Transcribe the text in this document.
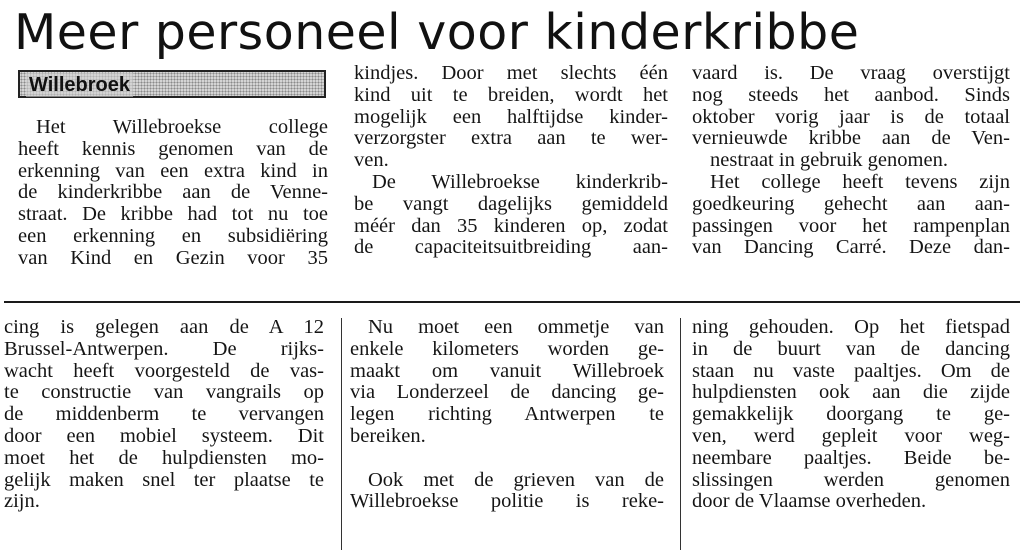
Meer personeel voor kinderkribbe
Willebroek
Het Willebroekse college
heeft kennis genomen van de
erkenning van een extra kind in
de kinderkribbe aan de Venne-
straat. De kribbe had tot nu toe
een erkenning en subsidiëring
van Kind en Gezin voor 35
kindjes. Door met slechts één
kind uit te breiden, wordt het
mogelijk een halftijdse kinder-
verzorgster extra aan te wer-
ven.
De Willebroekse kinderkrib-
be vangt dagelijks gemiddeld
méér dan 35 kinderen op, zodat
de capaciteitsuitbreiding aan-
vaard is. De vraag overstijgt
nog steeds het aanbod. Sinds
oktober vorig jaar is de totaal
vernieuwde kribbe aan de Ven-
nestraat in gebruik genomen.
Het college heeft tevens zijn
goedkeuring gehecht aan aan-
passingen voor het rampenplan
van Dancing Carré. Deze dan-
cing is gelegen aan de A 12
Brussel-Antwerpen. De rijks-
wacht heeft voorgesteld de vas-
te constructie van vangrails op
de middenberm te vervangen
door een mobiel systeem. Dit
moet het de hulpdiensten mo-
gelijk maken snel ter plaatse te
zijn.
Nu moet een ommetje van
enkele kilometers worden ge-
maakt om vanuit Willebroek
via Londerzeel de dancing ge-
legen richting Antwerpen te
bereiken.
Ook met de grieven van de
Willebroekse politie is reke-
ning gehouden. Op het fietspad
in de buurt van de dancing
staan nu vaste paaltjes. Om de
hulpdiensten ook aan die zijde
gemakkelijk doorgang te ge-
ven, werd gepleit voor weg-
neembare paaltjes. Beide be-
slissingen werden genomen
door de Vlaamse overheden.
